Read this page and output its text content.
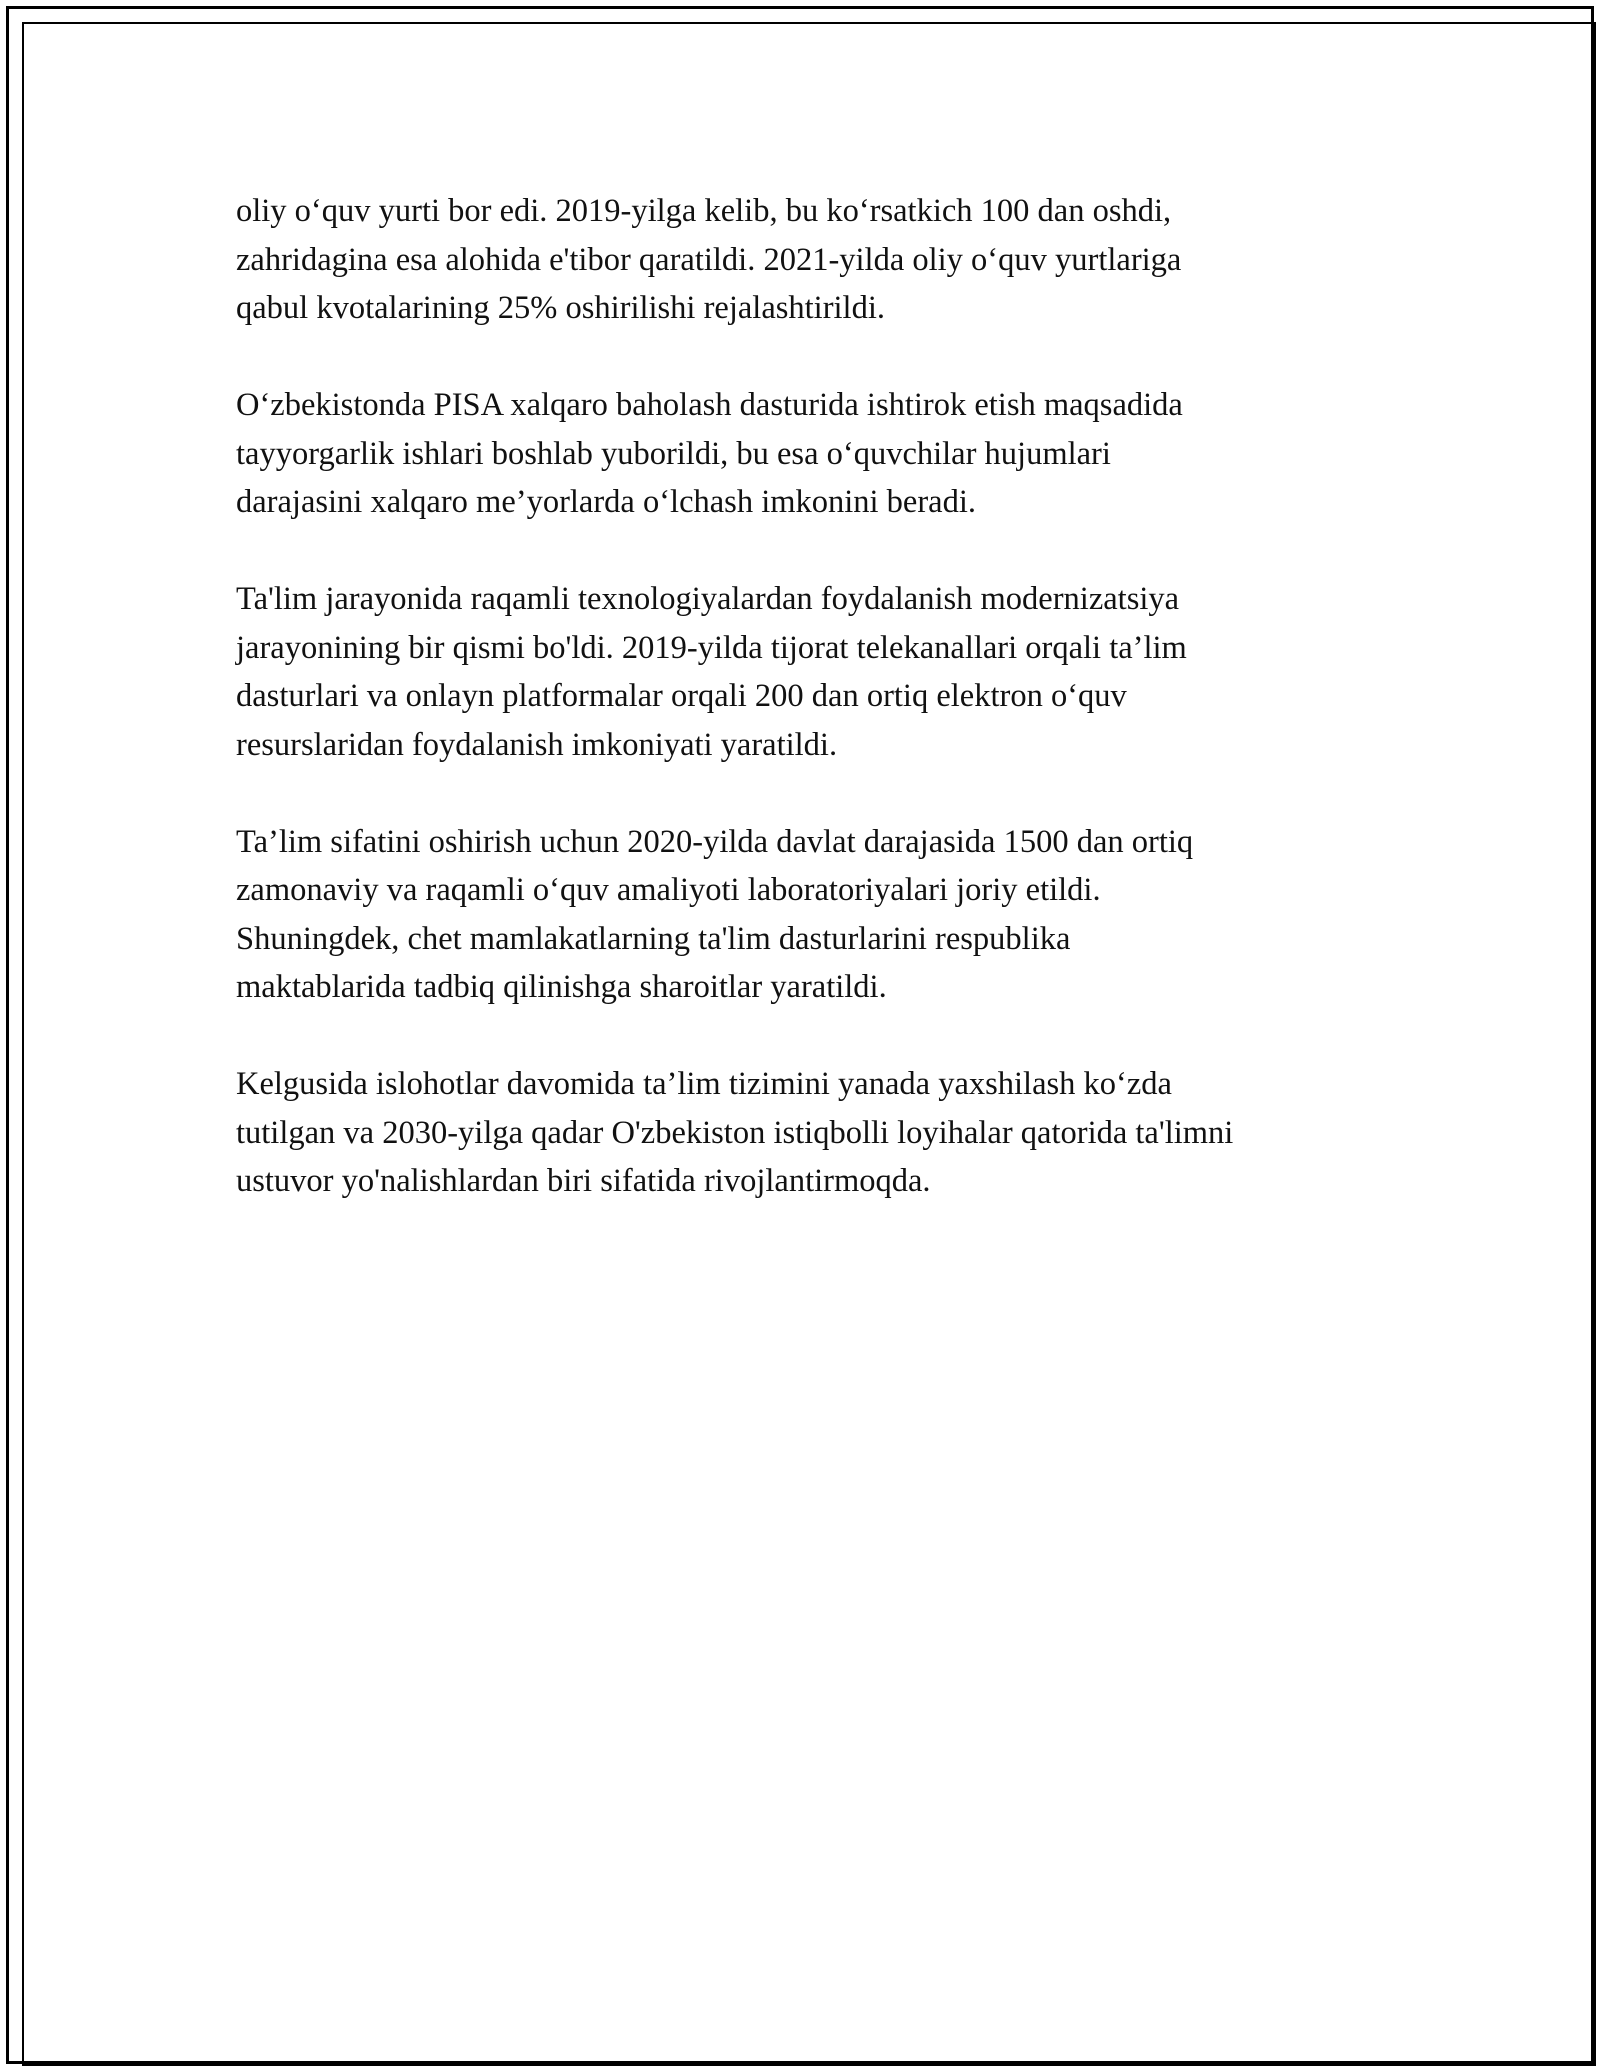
oliy o‘quv yurti bor edi. 2019-yilga kelib, bu ko‘rsatkich 100 dan oshdi,
zahridagina esa alohida e'tibor qaratildi. 2021-yilda oliy o‘quv yurtlariga
qabul kvotalarining 25% oshirilishi rejalashtirildi.

O‘zbekistonda PISA xalqaro baholash dasturida ishtirok etish maqsadida
tayyorgarlik ishlari boshlab yuborildi, bu esa o‘quvchilar hujumlari
darajasini xalqaro me’yorlarda o‘lchash imkonini beradi.

Ta'lim jarayonida raqamli texnologiyalardan foydalanish modernizatsiya
jarayonining bir qismi bo'ldi. 2019-yilda tijorat telekanallari orqali ta’lim
dasturlari va onlayn platformalar orqali 200 dan ortiq elektron o‘quv
resurslaridan foydalanish imkoniyati yaratildi.

Ta’lim sifatini oshirish uchun 2020-yilda davlat darajasida 1500 dan ortiq
zamonaviy va raqamli o‘quv amaliyoti laboratoriyalari joriy etildi.
Shuningdek, chet mamlakatlarning ta'lim dasturlarini respublika
maktablarida tadbiq qilinishga sharoitlar yaratildi.

Kelgusida islohotlar davomida ta’lim tizimini yanada yaxshilash ko‘zda
tutilgan va 2030-yilga qadar O'zbekiston istiqbolli loyihalar qatorida ta'limni
ustuvor yo'nalishlardan biri sifatida rivojlantirmoqda.
